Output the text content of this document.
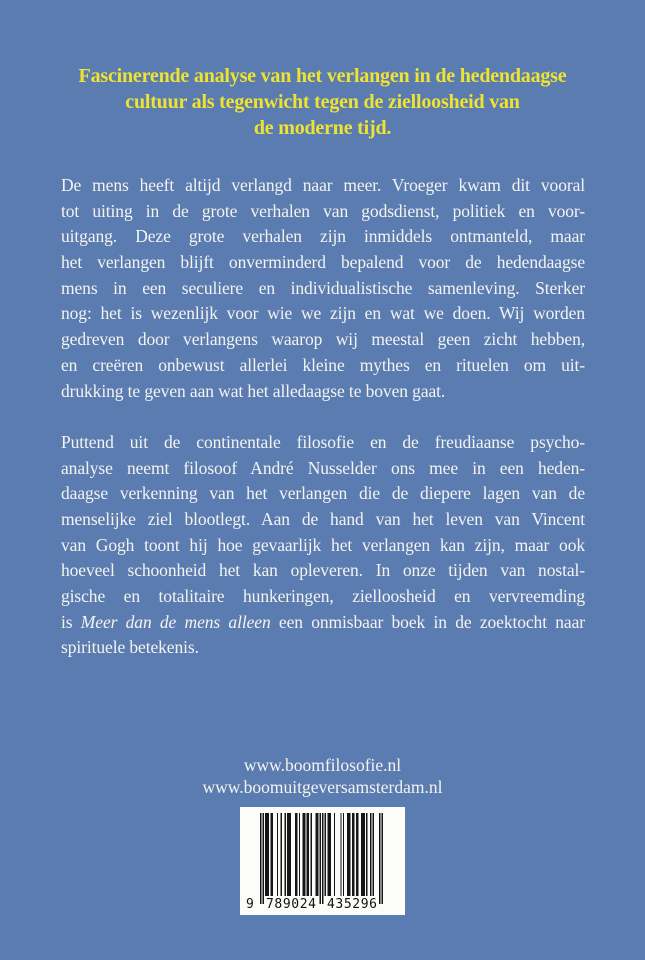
Fascinerende analyse van het verlangen in de hedendaagse
cultuur als tegenwicht tegen de zielloosheid van
de moderne tijd.
De mens heeft altijd verlangd naar meer. Vroeger kwam dit vooral
tot uiting in de grote verhalen van godsdienst, politiek en voor-
uitgang. Deze grote verhalen zijn inmiddels ontmanteld, maar
het verlangen blijft onverminderd bepalend voor de hedendaagse
mens in een seculiere en individualistische samenleving. Sterker
nog: het is wezenlijk voor wie we zijn en wat we doen. Wij worden
gedreven door verlangens waarop wij meestal geen zicht hebben,
en creëren onbewust allerlei kleine mythes en rituelen om uit-
drukking te geven aan wat het alledaagse te boven gaat.
Puttend uit de continentale filosofie en de freudiaanse psycho-
analyse neemt filosoof André Nusselder ons mee in een heden-
daagse verkenning van het verlangen die de diepere lagen van de
menselijke ziel blootlegt. Aan de hand van het leven van Vincent
van Gogh toont hij hoe gevaarlijk het verlangen kan zijn, maar ook
hoeveel schoonheid het kan opleveren. In onze tijden van nostal-
gische en totalitaire hunkeringen, zielloosheid en vervreemding
is Meer dan de mens alleen een onmisbaar boek in de zoektocht naar
spirituele betekenis.
www.boomfilosofie.nl
www.boomuitgeversamsterdam.nl
9 789024 435296
